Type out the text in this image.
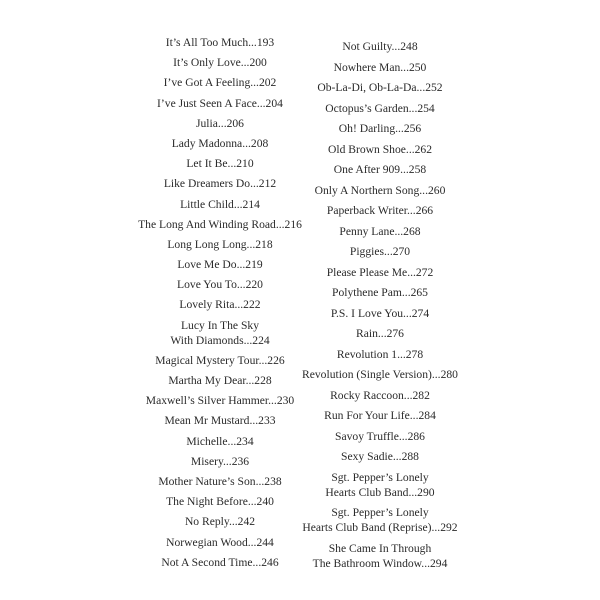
It’s All Too Much...193
It’s Only Love...200
I’ve Got A Feeling...202
I’ve Just Seen A Face...204
Julia...206
Lady Madonna...208
Let It Be...210
Like Dreamers Do...212
Little Child...214
The Long And Winding Road...216
Long Long Long...218
Love Me Do...219
Love You To...220
Lovely Rita...222
Lucy In The Sky
With Diamonds...224
Magical Mystery Tour...226
Martha My Dear...228
Maxwell’s Silver Hammer...230
Mean Mr Mustard...233
Michelle...234
Misery...236
Mother Nature’s Son...238
The Night Before...240
No Reply...242
Norwegian Wood...244
Not A Second Time...246
Not Guilty...248
Nowhere Man...250
Ob-La-Di, Ob-La-Da...252
Octopus’s Garden...254
Oh! Darling...256
Old Brown Shoe...262
One After 909...258
Only A Northern Song...260
Paperback Writer...266
Penny Lane...268
Piggies...270
Please Please Me...272
Polythene Pam...265
P.S. I Love You...274
Rain...276
Revolution 1...278
Revolution (Single Version)...280
Rocky Raccoon...282
Run For Your Life...284
Savoy Truffle...286
Sexy Sadie...288
Sgt. Pepper’s Lonely
Hearts Club Band...290
Sgt. Pepper’s Lonely
Hearts Club Band (Reprise)...292
She Came In Through
The Bathroom Window...294
